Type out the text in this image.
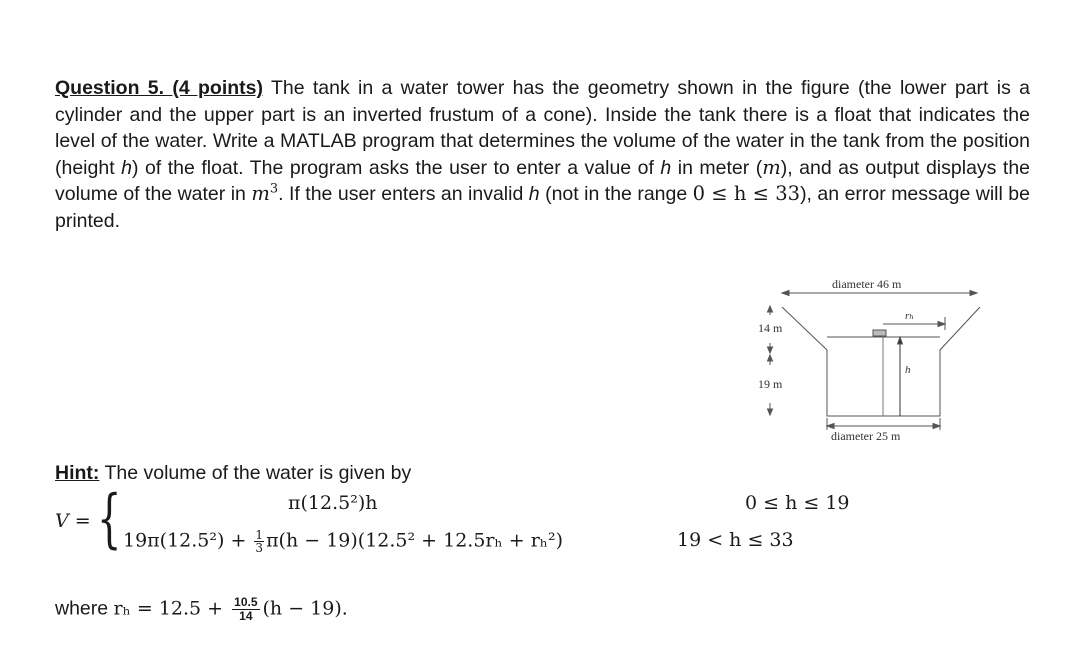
Question 5. (4 points) The tank in a water tower has the geometry shown in the figure (the lower part is a cylinder and the upper part is an inverted frustum of a cone). Inside the tank there is a float that indicates the level of the water. Write a MATLAB program that determines the volume of the water in the tank from the position (height h) of the float. The program asks the user to enter a value of h in meter (m), and as output displays the volume of the water in $m^3$. If the user enters an invalid h (not in the range 0 ≤ h ≤ 33), an error message will be printed.
diameter 46 m
diameter 25 m
14 m
19 m
rₕ
h
Hint: The volume of the water is given by
V = {	π(12.5²)h	0 ≤ h ≤ 19
$19\pi(12.5^2) + \frac{1}{3} \pi(h - 19)(12.5^2 + 12.5r_h + r_h^2)$	19 < h ≤ 33
where $r_h = 12.5 + \frac{10.5}{14} (h - 19)$.
